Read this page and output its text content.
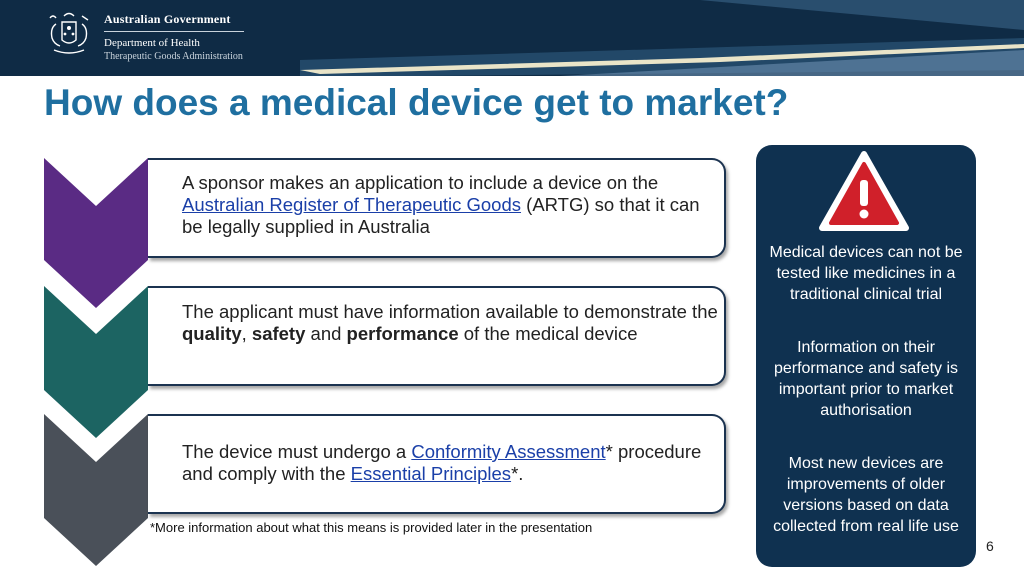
Australian Government
Department of Health
Therapeutic Goods Administration
How does a medical device get to market?
A sponsor makes an application to include a device on the Australian Register of Therapeutic Goods (ARTG) so that it can be legally supplied in Australia
The applicant must have information available to demonstrate the quality, safety and performance of the medical device
The device must undergo a Conformity Assessment* procedure and comply with the Essential Principles*.
*More information about what this means is provided later in the presentation
Medical devices can not be tested like medicines in a traditional clinical trial
Information on their performance and safety is important prior to market authorisation
Most new devices are improvements of older versions based on data collected from real life use
6
